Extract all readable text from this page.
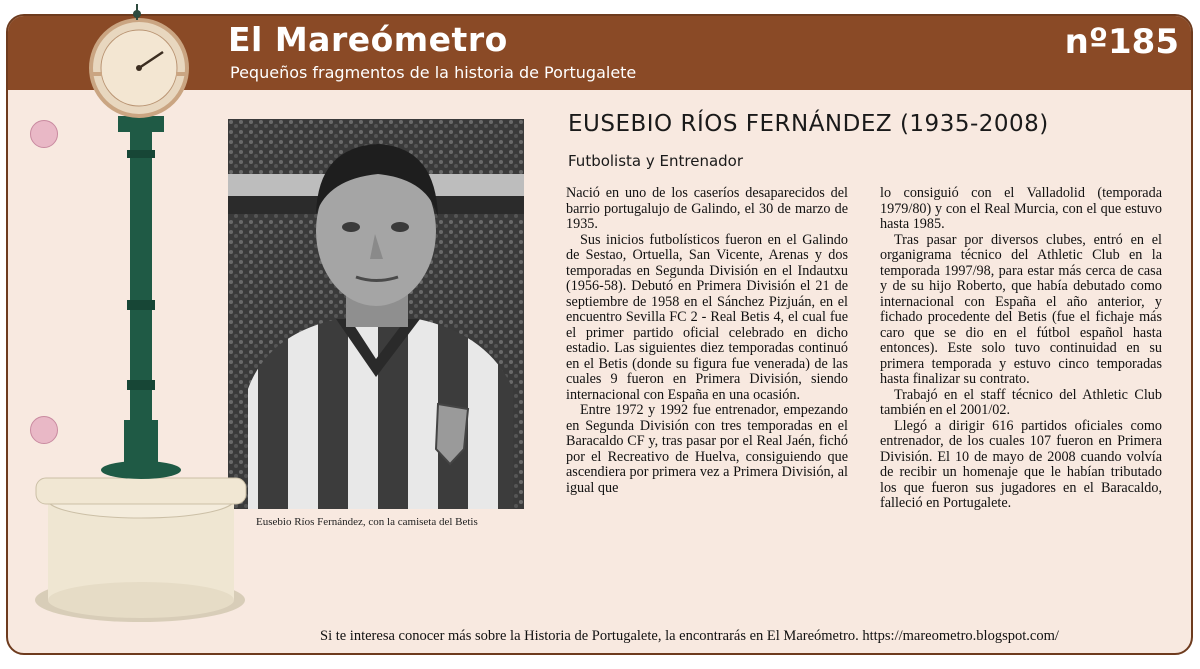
El Mareómetro
Pequeños fragmentos de la historia de Portugalete
nº185
Eusebio Ríos Fernández, con la camiseta del Betis
EUSEBIO RÍOS FERNÁNDEZ (1935-2008)
Futbolista y Entrenador

Nació en uno de los caseríos desaparecidos del barrio portugalujo de Galindo, el 30 de marzo de 1935.

Sus inicios futbolísticos fueron en el Galindo de Sestao, Ortuella, San Vicente, Arenas y dos temporadas en Segunda División en el Indautxu (1956-58). Debutó en Primera División el 21 de septiembre de 1958 en el Sánchez Pizjuán, en el encuentro Sevilla FC 2 - Real Betis 4, el cual fue el primer partido oficial celebrado en dicho estadio. Las siguientes diez temporadas continuó en el Betis (donde su figura fue venerada) de las cuales 9 fueron en Primera División, siendo internacional con España en una ocasión.

Entre 1972 y 1992 fue entrenador, empezando en Segunda División con tres temporadas en el Baracaldo CF y, tras pasar por el Real Jaén, fichó por el Recreativo de Huelva, consiguiendo que ascendiera por primera vez a Primera División, al igual que

lo consiguió con el Valladolid (temporada 1979/80) y con el Real Murcia, con el que estuvo hasta 1985.

Tras pasar por diversos clubes, entró en el organigrama técnico del Athletic Club en la temporada 1997/98, para estar más cerca de casa y de su hijo Roberto, que había debutado como internacional con España el año anterior, y fichado procedente del Betis (fue el fichaje más caro que se dio en el fútbol español hasta entonces). Este solo tuvo continuidad en su primera temporada y estuvo cinco temporadas hasta finalizar su contrato.

Trabajó en el staff técnico del Athletic Club también en el 2001/02.

Llegó a dirigir 616 partidos oficiales como entrenador, de los cuales 107 fueron en Primera División. El 10 de mayo de 2008 cuando volvía de recibir un homenaje que le habían tributado los que fueron sus jugadores en el Baracaldo, falleció en Portugalete.

Si te interesa conocer más sobre la Historia de Portugalete, la encontrarás en El Mareómetro. https://mareometro.blogspot.com/
